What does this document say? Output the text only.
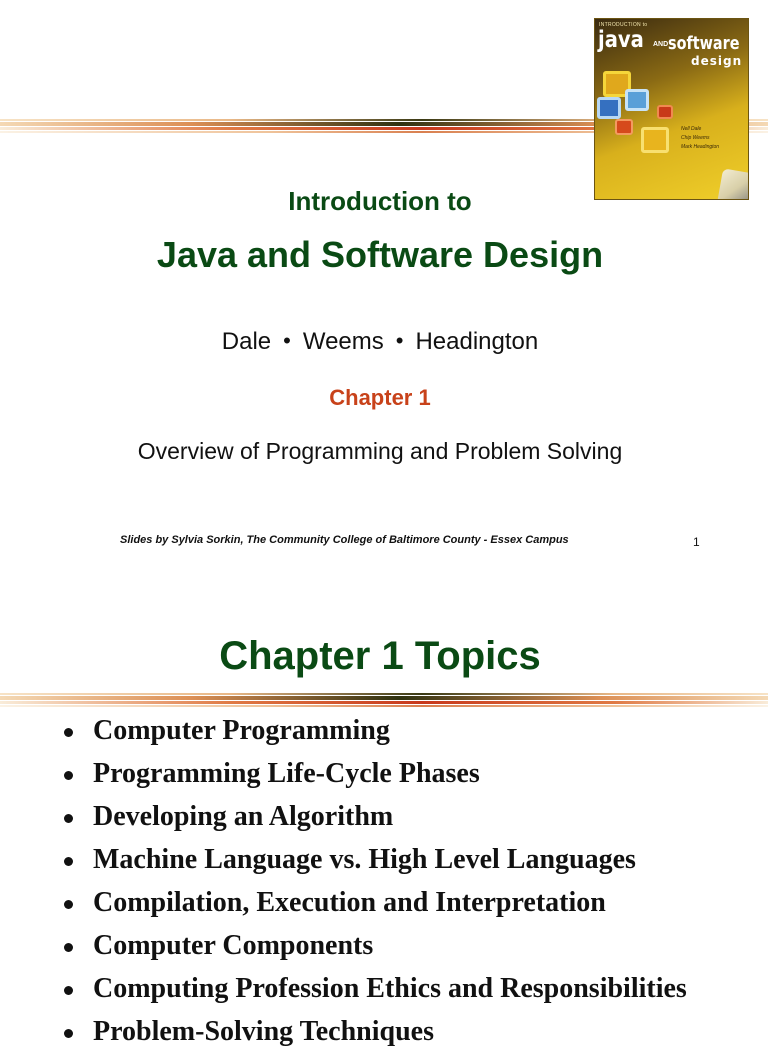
INTRODUCTION to
java AND software
design
Nell Dale
Chip Weems
Mark Headington
Introduction to
Java and Software Design
Dale • Weems • Headington
Chapter 1
Overview of Programming and Problem Solving
Slides by Sylvia Sorkin, The Community College of Baltimore County - Essex Campus	1
Chapter 1 Topics
Computer Programming
Programming Life-Cycle Phases
Developing an Algorithm
Machine Language vs. High Level Languages
Compilation, Execution and Interpretation
Computer Components
Computing Profession Ethics and Responsibilities
Problem-Solving Techniques
